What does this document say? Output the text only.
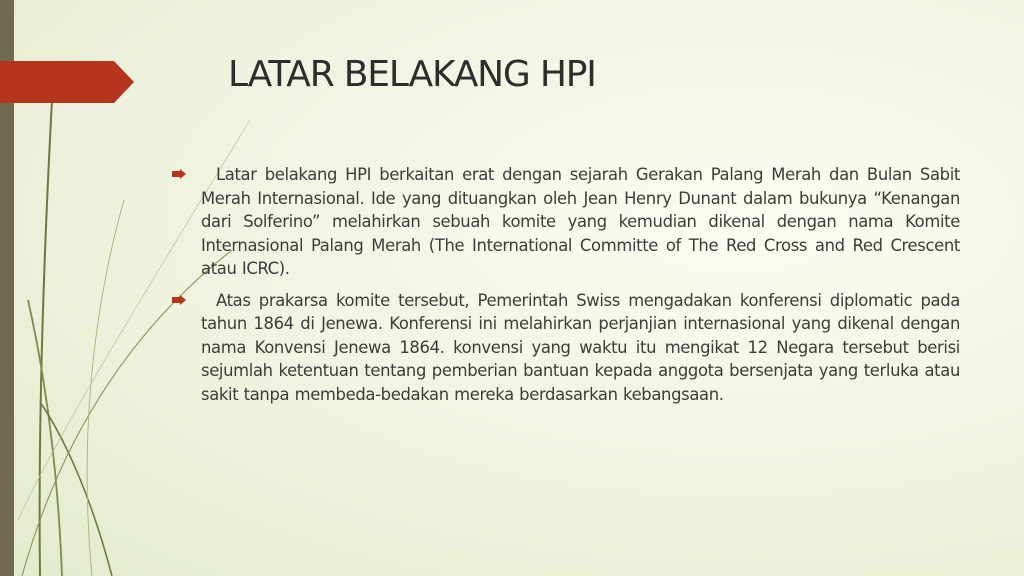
LATAR BELAKANG HPI

Latar belakang HPI berkaitan erat dengan sejarah Gerakan Palang Merah dan Bulan Sabit Merah Internasional. Ide yang dituangkan oleh Jean Henry Dunant dalam bukunya “Kenangan dari Solferino” melahirkan sebuah komite yang kemudian dikenal dengan nama Komite Internasional Palang Merah (The International Committe of The Red Cross and Red Crescent atau ICRC).

Atas prakarsa komite tersebut, Pemerintah Swiss mengadakan konferensi diplomatic pada tahun 1864 di Jenewa. Konferensi ini melahirkan perjanjian internasional yang dikenal dengan nama Konvensi Jenewa 1864. konvensi yang waktu itu mengikat 12 Negara tersebut berisi sejumlah ketentuan tentang pemberian bantuan kepada anggota bersenjata yang terluka atau sakit tanpa membeda-bedakan mereka berdasarkan kebangsaan.
